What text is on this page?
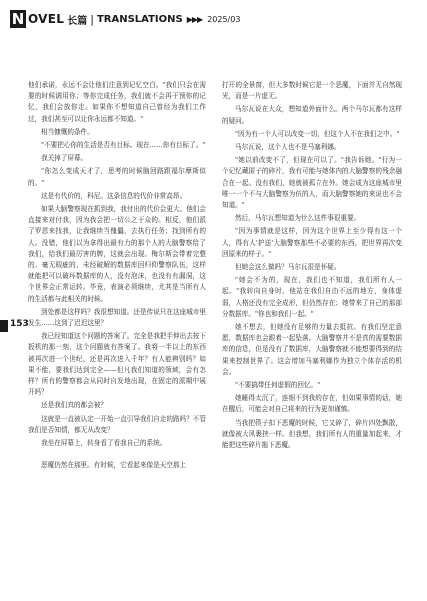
N OVEL 长篇 | TRANSLATIONS ▶▶▶ 2025/03
153

他们承诺，永远不会让他们注意到记忆空白。"我们只会在需要的时候调用你；等你完成任务，我们就不会再干预你的记忆，我们会放你走。如果你不想知道自己曾经为我们工作过，我们甚至可以让你永远都不知道。"

相当慷慨的条件。

"不要把心你的生活是否有目标。现在……你有目标了。"

我关掉了屏幕。

"你怎么变成天才了，思考的时候脑回路跟福尔摩斯似的。"

这是有代价的，科尼。这条信息的代价非常高昂。

如果大脑警察现在抓到我，我付出的代价会更大。他们会直接来对付我，因为我会把一切公之于众的。相反，他们派了罗恩来找我，让我继续当傀儡，去执行任务；找到所有的人。没错，他们以为拿得出最有力的那个人的大脑警察给了我们，给我们最厉害的牌，这就会出现。梅尔斯会带着完整的、毫无瑕疵的、未经破解的数据库回归仰警察队伍，这样就能把可以破坏数据库的人，没有泡沫，也没有有漏洞，这个世界会正常运转。毕竟，表演必须继续，尤其是当所有人的生活都与此相关的时候。

到处都是这样吗？我很想知道。还是传说只在这座城市里发生……这到了迟迟这里？

我已经知道这个问题的答案了。完全是我把手伸出去按下扳机的那一刻，这个问题就有答案了。我将一半以上的东西被再次进一个世纪，还是再次进入千年？有人能辨别吗？如果不能，要我们达到完全——但凡我们知道的领域，会有怎样？所有的警察都会从同时自发地出现，在固定的派期中展开吗？

还是我们真的都会被？

这就是一直被认定一开始一直引导我们自走的路吗？不管我们是否知情，都无从改变？

我坐在屏幕上，转身看了看我自己的系统。

恶魔仍然在那里。有时候，它看起来像是天空那上

打开的全景窗，但大多数时候它是一个恶魔，下面并无自然现光，而是一片虚无。

马尔瓦说在大众，想知道外面什么。两个马尔瓦都有这样的疑问。

"因为有一个人可以改变一切，但这个人不在我们之中。"

马尔瓦说，这个人也不是马塞利娜。

"她以前改变不了，但现在可以了。"我告诉她。"行为一个记忆藏匿子的碎片，我有可能与她体内的大脑警察的残余融合在一起。没有我们，她就被孤立在外。她会成为这座城市里唯一一个不与大脑警察为伍的人，而大脑警察她的来说也不会知道。"

然后，马尔瓦想知道为什么这件事很重要。

"因为事情就是这样，因为这个世界上至少得有这一个人，得有人'护送'大脑警察那些不必要的东西，把世界再次变回原来的样子。"

但她会这么做吗？马尔瓦很是怀疑。

"她会不为的，现在，我们也不知道，我们所有人一起。"我转向自身时，他站在我们自由不远的地方，身体虚弱，人格还没有完全成形，但仍然存在；她带来了自己的那部分数据库。"你也和我们一起。"

她不想去，但她没有足够的力量去抵抗。有我们坚定意愿，数据库也会跟着一起坠落。大脑警察并不是真的需要数据库的信息，但是没有了数据库，大脑警察就不能想要得到的结果来控制世界了。这会增加马塞利娜作为独立个体存活的机会。

"不要搞带任何虚假的回忆。"

她睡得太沉了，连细不到我的存在，但如果事情的话，她在醒后，可能会对自己将来的行为更加谨慎。

当我把筷子扣下恶魔的时候，它又碎了，碎片四处飘散，就像被大风裹挟一样。但我想，我们所有人的重量加起来，才能把这些碎片拖下恶魔。
